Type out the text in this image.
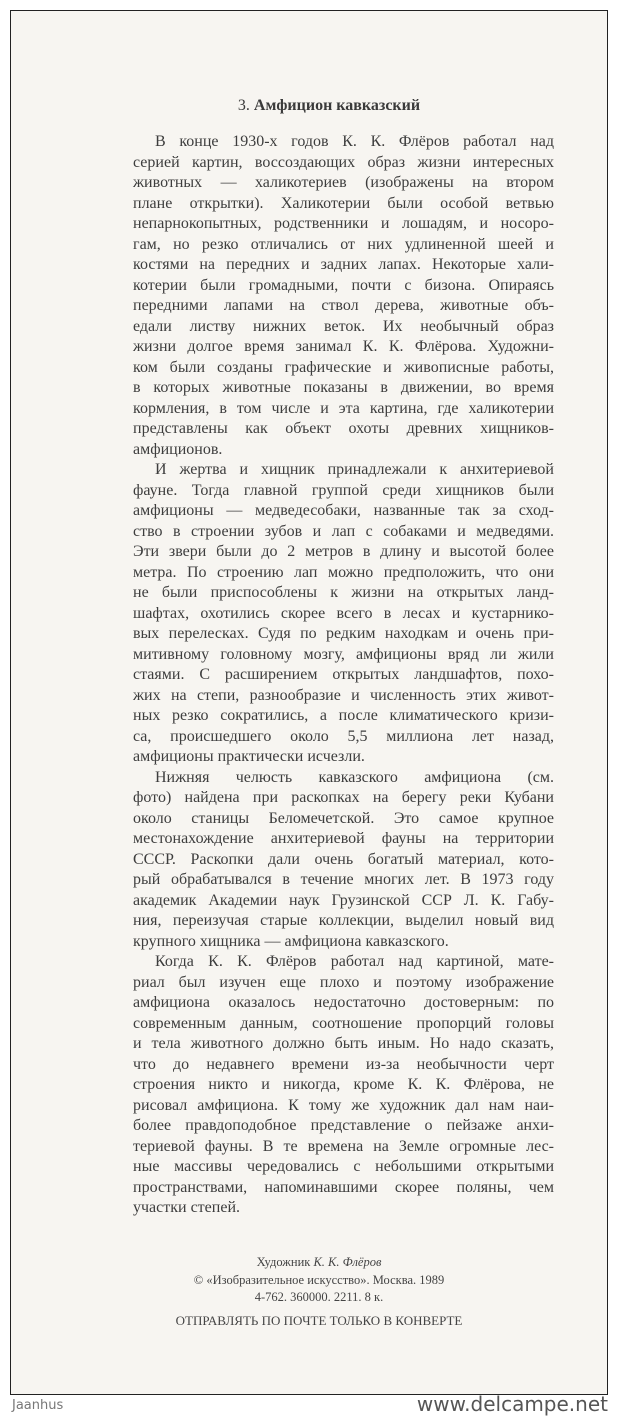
3. Амфицион кавказский
В конце 1930-х годов К. К. Флёров работал над
серией картин, воссоздающих образ жизни интересных
животных — халикотериев (изображены на втором
плане открытки). Халикотерии были особой ветвью
непарнокопытных, родственники и лошадям, и носоро-
гам, но резко отличались от них удлиненной шеей и
костями на передних и задних лапах. Некоторые хали-
котерии были громадными, почти с бизона. Опираясь
передними лапами на ствол дерева, животные объ-
едали листву нижних веток. Их необычный образ
жизни долгое время занимал К. К. Флёрова. Художни-
ком были созданы графические и живописные работы,
в которых животные показаны в движении, во время
кормления, в том числе и эта картина, где халикотерии
представлены как объект охоты древних хищников-
амфиционов.
И жертва и хищник принадлежали к анхитериевой
фауне. Тогда главной группой среди хищников были
амфиционы — медведесобаки, названные так за сход-
ство в строении зубов и лап с собаками и медведями.
Эти звери были до 2 метров в длину и высотой более
метра. По строению лап можно предположить, что они
не были приспособлены к жизни на открытых ланд-
шафтах, охотились скорее всего в лесах и кустарнико-
вых перелесках. Судя по редким находкам и очень при-
митивному головному мозгу, амфиционы вряд ли жили
стаями. С расширением открытых ландшафтов, похо-
жих на степи, разнообразие и численность этих живот-
ных резко сократились, а после климатического кризи-
са, происшедшего около 5,5 миллиона лет назад,
амфиционы практически исчезли.
Нижняя челюсть кавказского амфициона (см.
фото) найдена при раскопках на берегу реки Кубани
около станицы Беломечетской. Это самое крупное
местонахождение анхитериевой фауны на территории
СССР. Раскопки дали очень богатый материал, кото-
рый обрабатывался в течение многих лет. В 1973 году
академик Академии наук Грузинской ССР Л. К. Габу-
ния, переизучая старые коллекции, выделил новый вид
крупного хищника — амфициона кавказского.
Когда К. К. Флёров работал над картиной, мате-
риал был изучен еще плохо и поэтому изображение
амфициона оказалось недостаточно достоверным: по
современным данным, соотношение пропорций головы
и тела животного должно быть иным. Но надо сказать,
что до недавнего времени из-за необычности черт
строения никто и никогда, кроме К. К. Флёрова, не
рисовал амфициона. К тому же художник дал нам наи-
более правдоподобное представление о пейзаже анхи-
териевой фауны. В те времена на Земле огромные лес-
ные массивы чередовались с небольшими открытыми
пространствами, напоминавшими скорее поляны, чем
участки степей.
Художник К. К. Флёров
© «Изобразительное искусство». Москва. 1989
4-762. 360000. 2211. 8 к.
ОТПРАВЛЯТЬ ПО ПОЧТЕ ТОЛЬКО В КОНВЕРТЕ
Jaanhus	www.delcampe.net
